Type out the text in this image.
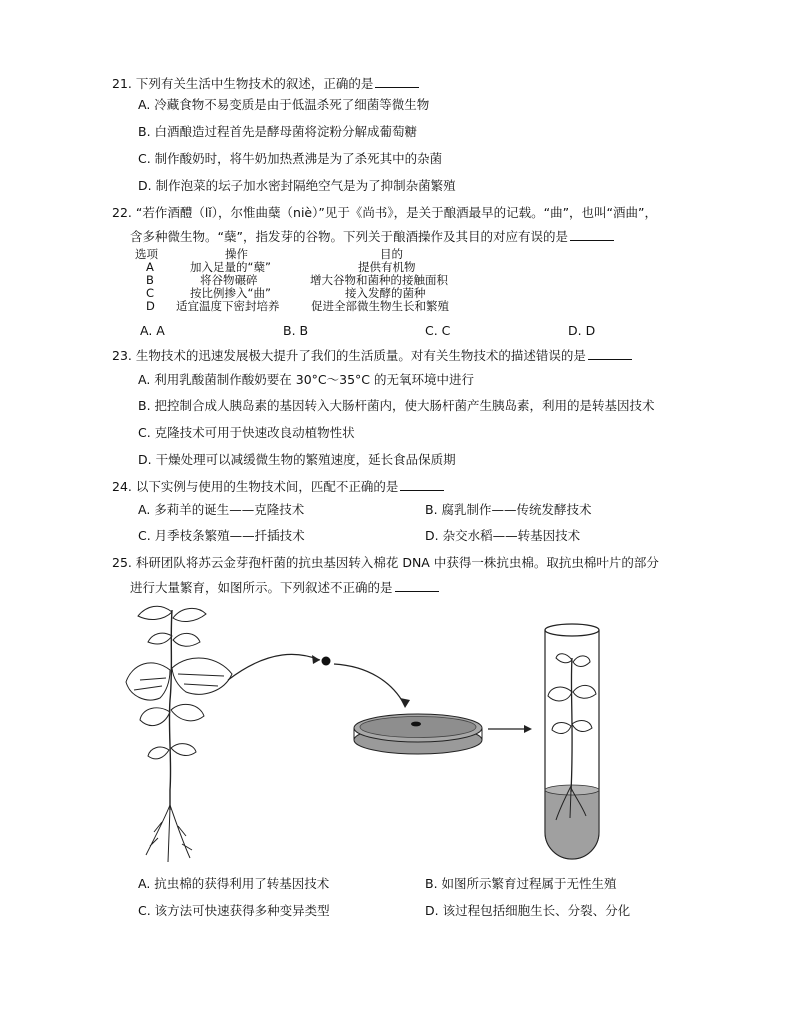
21. 下列有关生活中生物技术的叙述，正确的是
A. 冷藏食物不易变质是由于低温杀死了细菌等微生物
B. 白酒酿造过程首先是酵母菌将淀粉分解成葡萄糖
C. 制作酸奶时，将牛奶加热煮沸是为了杀死其中的杂菌
D. 制作泡菜的坛子加水密封隔绝空气是为了抑制杂菌繁殖
22. “若作酒醴（lǐ），尔惟曲蘖（niè）”见于《尚书》，是关于酿酒最早的记载。“曲”，也叫“酒曲”，
含多种微生物。“蘖”，指发芽的谷物。下列关于酿酒操作及其目的对应有误的是
选项	操作	目的
A	加入足量的“蘖”	提供有机物
B	将谷物碾碎	增大谷物和菌种的接触面积
C	按比例掺入“曲”	接入发酵的菌种
D 适宜温度下密封培养	促进全部微生物生长和繁殖
A. A	B. B	C. C	D. D
23. 生物技术的迅速发展极大提升了我们的生活质量。对有关生物技术的描述错误的是
A. 利用乳酸菌制作酸奶要在 30°C～35°C 的无氧环境中进行
B. 把控制合成人胰岛素的基因转入大肠杆菌内，使大肠杆菌产生胰岛素，利用的是转基因技术
C. 克隆技术可用于快速改良动植物性状
D. 干燥处理可以减缓微生物的繁殖速度，延长食品保质期
24. 以下实例与使用的生物技术间，匹配不正确的是
A. 多莉羊的诞生——克隆技术	B. 腐乳制作——传统发酵技术
C. 月季枝条繁殖——扦插技术	D. 杂交水稻——转基因技术
25. 科研团队将苏云金芽孢杆菌的抗虫基因转入棉花 DNA 中获得一株抗虫棉。取抗虫棉叶片的部分
进行大量繁育，如图所示。下列叙述不正确的是
A. 抗虫棉的获得利用了转基因技术	B. 如图所示繁育过程属于无性生殖
C. 该方法可快速获得多种变异类型	D. 该过程包括细胞生长、分裂、分化
